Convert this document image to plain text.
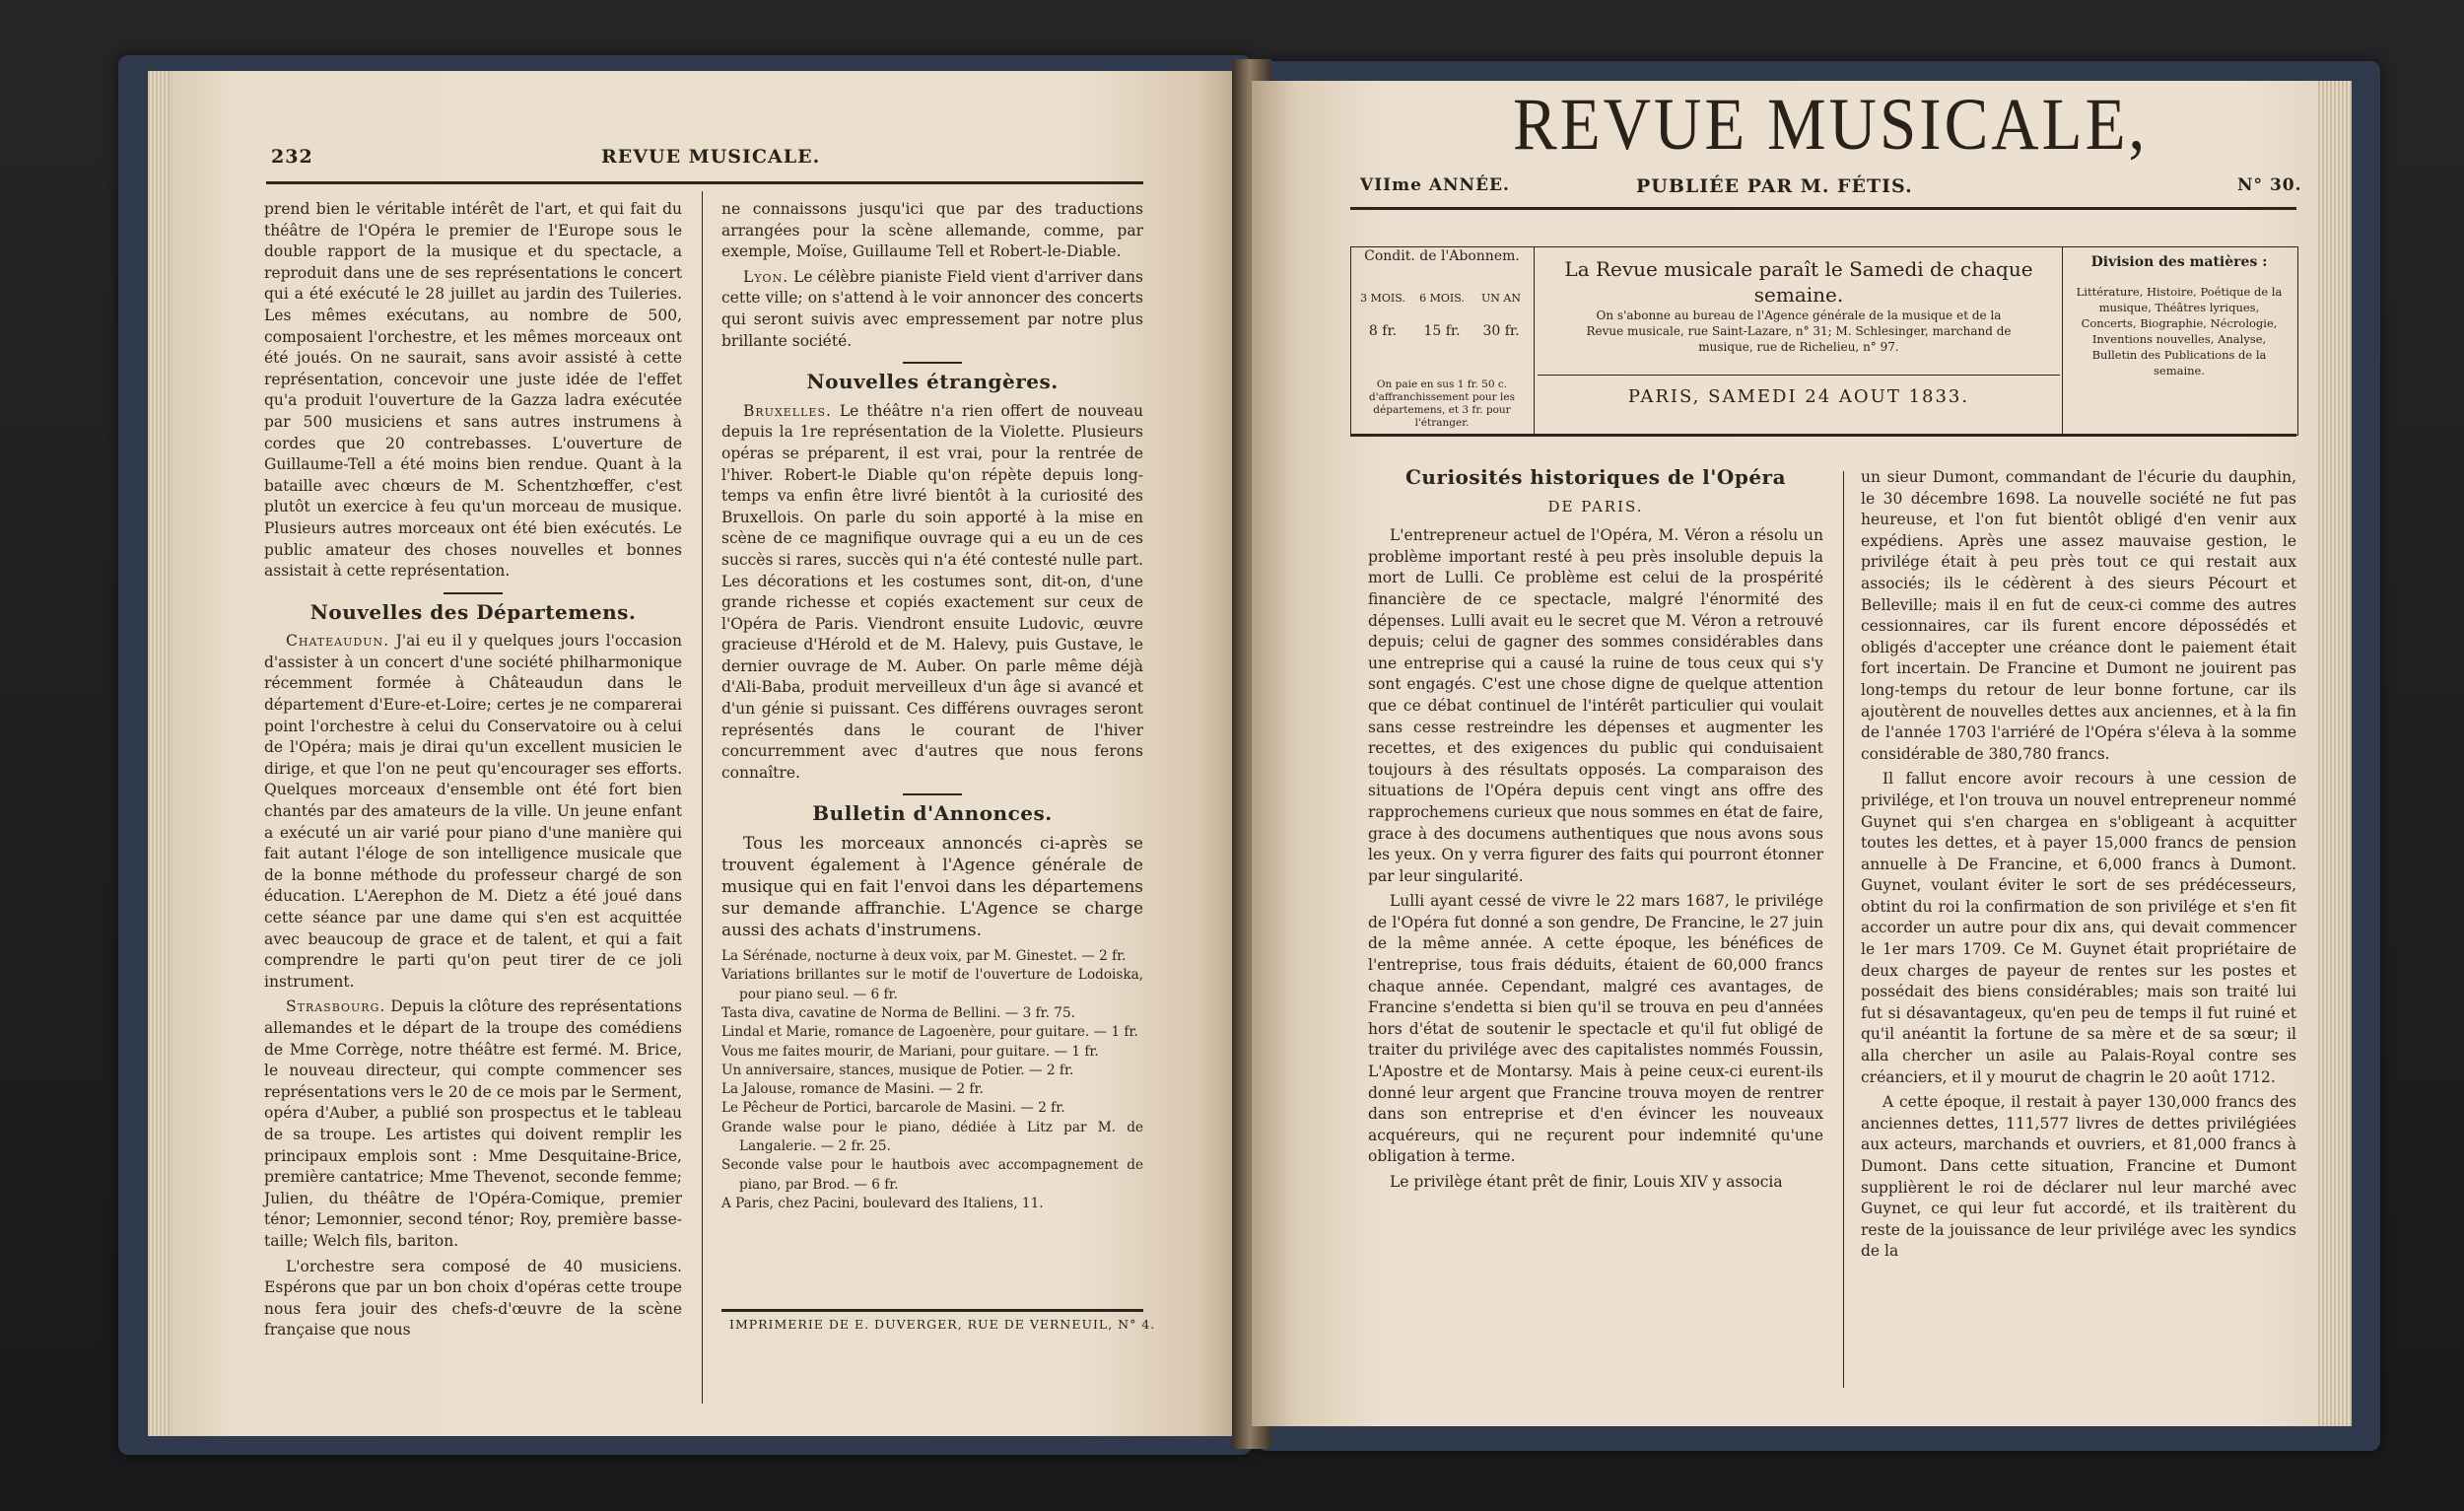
232	REVUE MUSICALE.

prend bien le véritable intérêt de l'art, et qui fait du théâtre de l'Opéra le premier de l'Europe sous le double rapport de la musique et du spectacle, a reproduit dans une de ses représentations le concert qui a été exécuté le 28 juillet au jardin des Tuileries. Les mêmes exécutans, au nombre de 500, composaient l'orchestre, et les mêmes morceaux ont été joués. On ne saurait, sans avoir assisté à cette représentation, concevoir une juste idée de l'effet qu'a produit l'ouverture de la Gazza ladra exécutée par 500 musiciens et sans autres instrumens à cordes que 20 contrebasses. L'ouverture de Guillaume-Tell a été moins bien rendue. Quant à la bataille avec chœurs de M. Schentzhœffer, c'est plutôt un exercice à feu qu'un morceau de musique. Plusieurs autres morceaux ont été bien exécutés. Le public amateur des choses nouvelles et bonnes assistait à cette représentation.

Nouvelles des Départemens.

Chateaudun. J'ai eu il y quelques jours l'occasion d'assister à un concert d'une société philharmonique récemment formée à Châteaudun dans le département d'Eure-et-Loire; certes je ne comparerai point l'orchestre à celui du Conservatoire ou à celui de l'Opéra; mais je dirai qu'un excellent musicien le dirige, et que l'on ne peut qu'encourager ses efforts. Quelques morceaux d'ensemble ont été fort bien chantés par des amateurs de la ville. Un jeune enfant a exécuté un air varié pour piano d'une manière qui fait autant l'éloge de son intelligence musicale que de la bonne méthode du professeur chargé de son éducation. L'Aerephon de M. Dietz a été joué dans cette séance par une dame qui s'en est acquittée avec beaucoup de grace et de talent, et qui a fait comprendre le parti qu'on peut tirer de ce joli instrument.

Strasbourg. Depuis la clôture des représentations allemandes et le départ de la troupe des comédiens de Mme Corrège, notre théâtre est fermé. M. Brice, le nouveau directeur, qui compte commencer ses représentations vers le 20 de ce mois par le Serment, opéra d'Auber, a publié son prospectus et le tableau de sa troupe. Les artistes qui doivent remplir les principaux emplois sont : Mme Desquitaine-Brice, première cantatrice; Mme Thevenot, seconde femme; Julien, du théâtre de l'Opéra-Comique, premier ténor; Lemonnier, second ténor; Roy, première basse-taille; Welch fils, bariton.

L'orchestre sera composé de 40 musiciens. Espérons que par un bon choix d'opéras cette troupe nous fera jouir des chefs-d'œuvre de la scène française que nous

ne connaissons jusqu'ici que par des traductions arrangées pour la scène allemande, comme, par exemple, Moïse, Guillaume Tell et Robert-le-Diable.

Lyon. Le célèbre pianiste Field vient d'arriver dans cette ville; on s'attend à le voir annoncer des concerts qui seront suivis avec empressement par notre plus brillante société.

Nouvelles étrangères.

Bruxelles. Le théâtre n'a rien offert de nouveau depuis la 1re représentation de la Violette. Plusieurs opéras se préparent, il est vrai, pour la rentrée de l'hiver. Robert-le Diable qu'on répète depuis long-temps va enfin être livré bientôt à la curiosité des Bruxellois. On parle du soin apporté à la mise en scène de ce magnifique ouvrage qui a eu un de ces succès si rares, succès qui n'a été contesté nulle part. Les décorations et les costumes sont, dit-on, d'une grande richesse et copiés exactement sur ceux de l'Opéra de Paris. Viendront ensuite Ludovic, œuvre gracieuse d'Hérold et de M. Halevy, puis Gustave, le dernier ouvrage de M. Auber. On parle même déjà d'Ali-Baba, produit merveilleux d'un âge si avancé et d'un génie si puissant. Ces différens ouvrages seront représentés dans le courant de l'hiver concurremment avec d'autres que nous ferons connaître.

Bulletin d'Annonces.

Tous les morceaux annoncés ci-après se trouvent également à l'Agence générale de musique qui en fait l'envoi dans les départemens sur demande affranchie. L'Agence se charge aussi des achats d'instrumens.

La Sérénade, nocturne à deux voix, par M. Ginestet. — 2 fr.
Variations brillantes sur le motif de l'ouverture de Lodoiska, pour piano seul. — 6 fr.
Tasta diva, cavatine de Norma de Bellini. — 3 fr. 75.
Lindal et Marie, romance de Lagoenère, pour guitare. — 1 fr.
Vous me faites mourir, de Mariani, pour guitare. — 1 fr.
Un anniversaire, stances, musique de Potier. — 2 fr.
La Jalouse, romance de Masini. — 2 fr.
Le Pêcheur de Portici, barcarole de Masini. — 2 fr.
Grande walse pour le piano, dédiée à Litz par M. de Langalerie. — 2 fr. 25.
Seconde valse pour le hautbois avec accompagnement de piano, par Brod. — 6 fr.
A Paris, chez Pacini, boulevard des Italiens, 11.
IMPRIMERIE DE E. DUVERGER, RUE DE VERNEUIL, N° 4.
REVUE MUSICALE,
VIIme ANNÉE.	PUBLIÉE PAR M. FÉTIS.	N° 30.
Condit. de l'Abonnem.
3 MOIS.	6 MOIS.	UN AN
8 fr.	15 fr.	30 fr.
On paie en sus 1 fr. 50 c. d'affranchissement pour les départemens, et 3 fr. pour l'étranger.
La Revue musicale paraît le Samedi de chaque semaine.
On s'abonne au bureau de l'Agence générale de la musique et de la Revue musicale, rue Saint-Lazare, n° 31; M. Schlesinger, marchand de musique, rue de Richelieu, n° 97.
PARIS, SAMEDI 24 AOUT 1833.
Division des matières :
Littérature, Histoire, Poétique de la musique, Théâtres lyriques, Concerts, Biographie, Nécrologie, Inventions nouvelles, Analyse, Bulletin des Publications de la semaine.
Curiosités historiques de l'Opéra
DE PARIS.

L'entrepreneur actuel de l'Opéra, M. Véron a résolu un problème important resté à peu près insoluble depuis la mort de Lulli. Ce problème est celui de la prospérité financière de ce spectacle, malgré l'énormité des dépenses. Lulli avait eu le secret que M. Véron a retrouvé depuis; celui de gagner des sommes considérables dans une entreprise qui a causé la ruine de tous ceux qui s'y sont engagés. C'est une chose digne de quelque attention que ce débat continuel de l'intérêt particulier qui voulait sans cesse restreindre les dépenses et augmenter les recettes, et des exigences du public qui conduisaient toujours à des résultats opposés. La comparaison des situations de l'Opéra depuis cent vingt ans offre des rapprochemens curieux que nous sommes en état de faire, grace à des documens authentiques que nous avons sous les yeux. On y verra figurer des faits qui pourront étonner par leur singularité.

Lulli ayant cessé de vivre le 22 mars 1687, le privilége de l'Opéra fut donné a son gendre, De Francine, le 27 juin de la même année. A cette époque, les bénéfices de l'entreprise, tous frais déduits, étaient de 60,000 francs chaque année. Cependant, malgré ces avantages, de Francine s'endetta si bien qu'il se trouva en peu d'années hors d'état de soutenir le spectacle et qu'il fut obligé de traiter du privilége avec des capitalistes nommés Foussin, L'Apostre et de Montarsy. Mais à peine ceux-ci eurent-ils donné leur argent que Francine trouva moyen de rentrer dans son entreprise et d'en évincer les nouveaux acquéreurs, qui ne reçurent pour indemnité qu'une obligation à terme.

Le privilège étant prêt de finir, Louis XIV y associa

un sieur Dumont, commandant de l'écurie du dauphin, le 30 décembre 1698. La nouvelle société ne fut pas heureuse, et l'on fut bientôt obligé d'en venir aux expédiens. Après une assez mauvaise gestion, le privilége était à peu près tout ce qui restait aux associés; ils le cédèrent à des sieurs Pécourt et Belleville; mais il en fut de ceux-ci comme des autres cessionnaires, car ils furent encore dépossédés et obligés d'accepter une créance dont le paiement était fort incertain. De Francine et Dumont ne jouirent pas long-temps du retour de leur bonne fortune, car ils ajoutèrent de nouvelles dettes aux anciennes, et à la fin de l'année 1703 l'arriéré de l'Opéra s'éleva à la somme considérable de 380,780 francs.

Il fallut encore avoir recours à une cession de privilége, et l'on trouva un nouvel entrepreneur nommé Guynet qui s'en chargea en s'obligeant à acquitter toutes les dettes, et à payer 15,000 francs de pension annuelle à De Francine, et 6,000 francs à Dumont. Guynet, voulant éviter le sort de ses prédécesseurs, obtint du roi la confirmation de son privilége et s'en fit accorder un autre pour dix ans, qui devait commencer le 1er mars 1709. Ce M. Guynet était propriétaire de deux charges de payeur de rentes sur les postes et possédait des biens considérables; mais son traité lui fut si désavantageux, qu'en peu de temps il fut ruiné et qu'il anéantit la fortune de sa mère et de sa sœur; il alla chercher un asile au Palais-Royal contre ses créanciers, et il y mourut de chagrin le 20 août 1712.

A cette époque, il restait à payer 130,000 francs des anciennes dettes, 111,577 livres de dettes privilégiées aux acteurs, marchands et ouvriers, et 81,000 francs à Dumont. Dans cette situation, Francine et Dumont supplièrent le roi de déclarer nul leur marché avec Guynet, ce qui leur fut accordé, et ils traitèrent du reste de la jouissance de leur privilége avec les syndics de la
